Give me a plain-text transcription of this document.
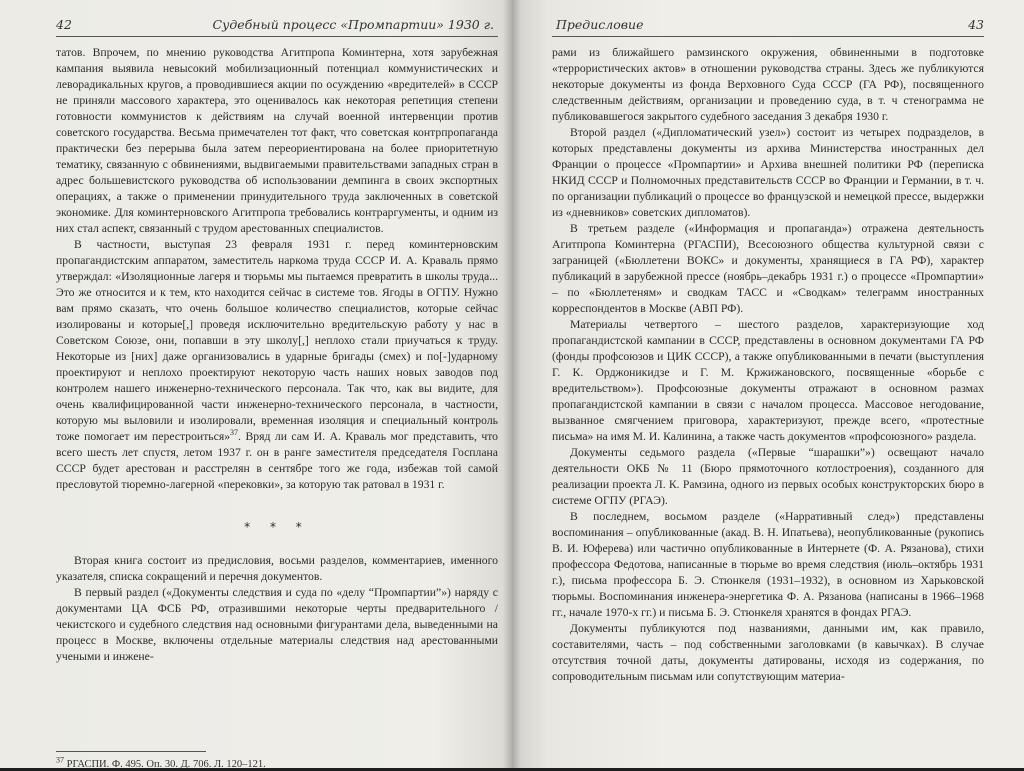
42	Судебный процесс «Промпартии» 1930 г.

татов. Впрочем, по мнению руководства Агитпропа Коминтерна, хотя зарубежная кампания выявила невысокий мобилизационный потенциал коммунистических и леворадикальных кругов, а проводившиеся акции по осуждению «вредителей» в СССР не приняли массового характера, это оценивалось как некоторая репетиция степени готовности коммунистов к действиям на случай военной интервенции против советского государства. Весьма примечателен тот факт, что советская контрпропаганда практически без перерыва была затем переориентирована на более приоритетную тематику, связанную с обвинениями, выдвигаемыми правительствами западных стран в адрес большевистского руководства об использовании демпинга в своих экспортных операциях, а также о применении принудительного труда заключенных в советской экономике. Для коминтерновского Агитпропа требовались контраргументы, и одним из них стал аспект, связанный с трудом арестованных специалистов.

В частности, выступая 23 февраля 1931 г. перед коминтерновским пропагандистским аппаратом, заместитель наркома труда СССР И. А. Краваль прямо утверждал: «Изоляционные лагеря и тюрьмы мы пытаемся превратить в школы труда... Это же относится и к тем, кто находится сейчас в системе тов. Ягоды в ОГПУ. Нужно вам прямо сказать, что очень большое количество специалистов, которые сейчас изолированы и которые[,] проведя исключительно вредительскую работу у нас в Советском Союзе, они, попавши в эту школу[,] неплохо стали приучаться к труду. Некоторые из [них] даже организовались в ударные бригады (смех) и по[-]ударному проектируют и неплохо проектируют некоторую часть наших новых заводов под контролем нашего инженерно-технического персонала. Так что, как вы видите, для очень квалифицированной части инженерно-технического персонала, в частности, которую мы выловили и изолировали, временная изоляция и специальный контроль тоже помогает им перестроиться»$^{37}$. Вряд ли сам И. А. Краваль мог представить, что всего шесть лет спустя, летом 1937 г. он в ранге заместителя председателя Госплана СССР будет арестован и расстрелян в сентябре того же года, избежав той самой пресловутой тюремно-лагерной «перековки», за которую так ратовал в 1931 г.

* * *

Вторая книга состоит из предисловия, восьми разделов, комментариев, именного указателя, списка сокращений и перечня документов.

В первый раздел («Документы следствия и суда по «делу “Промпартии”») наряду с документами ЦА ФСБ РФ, отразившими некоторые черты предварительного / чекистского и судебного следствия над основными фигурантами дела, выведенными на процесс в Москве, включены отдельные материалы следствия над арестованными учеными и инжене-

$^{37}$ РГАСПИ. Ф. 495. Оп. 30. Д. 706. Л. 120–121.
Предисловие	43

рами из ближайшего рамзинского окружения, обвиненными в подготовке «террористических актов» в отношении руководства страны. Здесь же публикуются некоторые документы из фонда Верховного Суда СССР (ГА РФ), посвященного следственным действиям, организации и проведению суда, в т. ч стенограмма не публиковавшегося закрытого судебного заседания 3 декабря 1930 г.

Второй раздел («Дипломатический узел») состоит из четырех подразделов, в которых представлены документы из архива Министерства иностранных дел Франции о процессе «Промпартии» и Архива внешней политики РФ (переписка НКИД СССР и Полномочных представительств СССР во Франции и Германии, в т. ч. по организации публикаций о процессе во французской и немецкой прессе, выдержки из «дневников» советских дипломатов).

В третьем разделе («Информация и пропаганда») отражена деятельность Агитпропа Коминтерна (РГАСПИ), Всесоюзного общества культурной связи с заграницей («Бюллетени ВОКС» и документы, хранящиеся в ГА РФ), характер публикаций в зарубежной прессе (ноябрь–декабрь 1931 г.) о процессе «Промпартии» – по «Бюллетеням» и сводкам ТАСС и «Сводкам» телеграмм иностранных корреспондентов в Москве (АВП РФ).

Материалы четвертого – шестого разделов, характеризующие ход пропагандистской кампании в СССР, представлены в основном документами ГА РФ (фонды профсоюзов и ЦИК СССР), а также опубликованными в печати (выступления Г. К. Орджоникидзе и Г. М. Кржижановского, посвященные «борьбе с вредительством»). Профсоюзные документы отражают в основном размах пропагандистской кампании в связи с началом процесса. Массовое негодование, вызванное смягчением приговора, характеризуют, прежде всего, «протестные письма» на имя М. И. Калинина, а также часть документов «профсоюзного» раздела.

Документы седьмого раздела («Первые “шарашки”») освещают начало деятельности ОКБ № 11 (Бюро прямоточного котлостроения), созданного для реализации проекта Л. К. Рамзина, одного из первых особых конструкторских бюро в системе ОГПУ (РГАЭ).

В последнем, восьмом разделе («Нарративный след») представлены воспоминания – опубликованные (акад. В. Н. Ипатьева), неопубликованные (рукопись В. И. Юферева) или частично опубликованные в Интернете (Ф. А. Рязанова), стихи профессора Федотова, написанные в тюрьме во время следствия (июль–октябрь 1931 г.), письма профессора Б. Э. Стюнкеля (1931–1932), в основном из Харьковской тюрьмы. Воспоминания инженера-энергетика Ф. А. Рязанова (написаны в 1966–1968 гг., начале 1970-х гг.) и письма Б. Э. Стюнкеля хранятся в фондах РГАЭ.

Документы публикуются под названиями, данными им, как правило, составителями, часть – под собственными заголовками (в кавычках). В случае отсутствия точной даты, документы датированы, исходя из содержания, по сопроводительным письмам или сопутствующим материа-
